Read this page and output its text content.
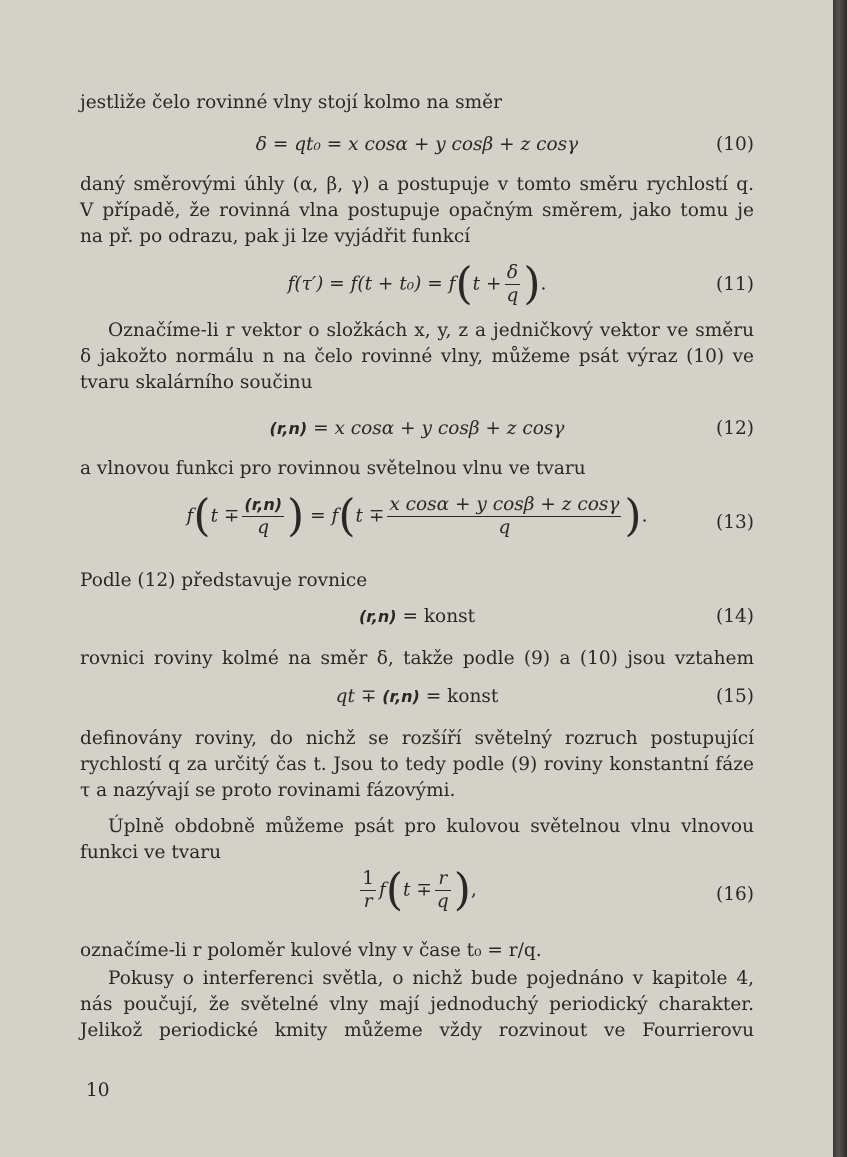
jestliže čelo rovinné vlny stojí kolmo na směr
δ = qt₀ = x cosα + y cosβ + z cosγ	(10)
daný směrovými úhly (α, β, γ) a postupuje v tomto směru rychlostí q.
V případě, že rovinná vlna postupuje opačným směrem, jako tomu je
na př. po odrazu, pak ji lze vyjádřit funkcí
$f(\tau') = f(t + t_0) = f(t + \frac{\delta}{q}$ ).	(11)
Označíme-li r vektor o složkách x, y, z a jedničkový vektor ve směru
δ jakožto normálu n na čelo rovinné vlny, můžeme psát výraz (10) ve
tvaru skalárního součinu
(r,n) = x cosα + y cosβ + z cosγ	(12)
a vlnovou funkci pro rovinnou světelnou vlnu ve tvaru
$f(t \mp \frac{(r,n)}{q}$ ) = $f(t \mp \frac{\text{x cosα + y cosβ + z cosγ}}{q}$ ).	(13)
Podle (12) představuje rovnice
(r,n) = konst	(14)
rovnici roviny kolmé na směr δ, takže podle (9) a (10) jsou vztahem
qt ∓ (r,n) = konst	(15)
definovány roviny, do nichž se rozšíří světelný rozruch postupující
rychlostí q za určitý čas t. Jsou to tedy podle (9) roviny konstantní fáze
τ a nazývají se proto rovinami fázovými.
Úplně obdobně můžeme psát pro kulovou světelnou vlnu vlnovou
funkci ve tvaru
$\frac{1}{r} f(t \mp \frac{r}{q}$ ),	(16)
označíme-li r poloměr kulové vlny v čase t₀ = r/q.
Pokusy o interferenci světla, o nichž bude pojednáno v kapitole 4,
nás poučují, že světelné vlny mají jednoduchý periodický charakter.
Jelikož periodické kmity můžeme vždy rozvinout ve Fourrierovu
10
